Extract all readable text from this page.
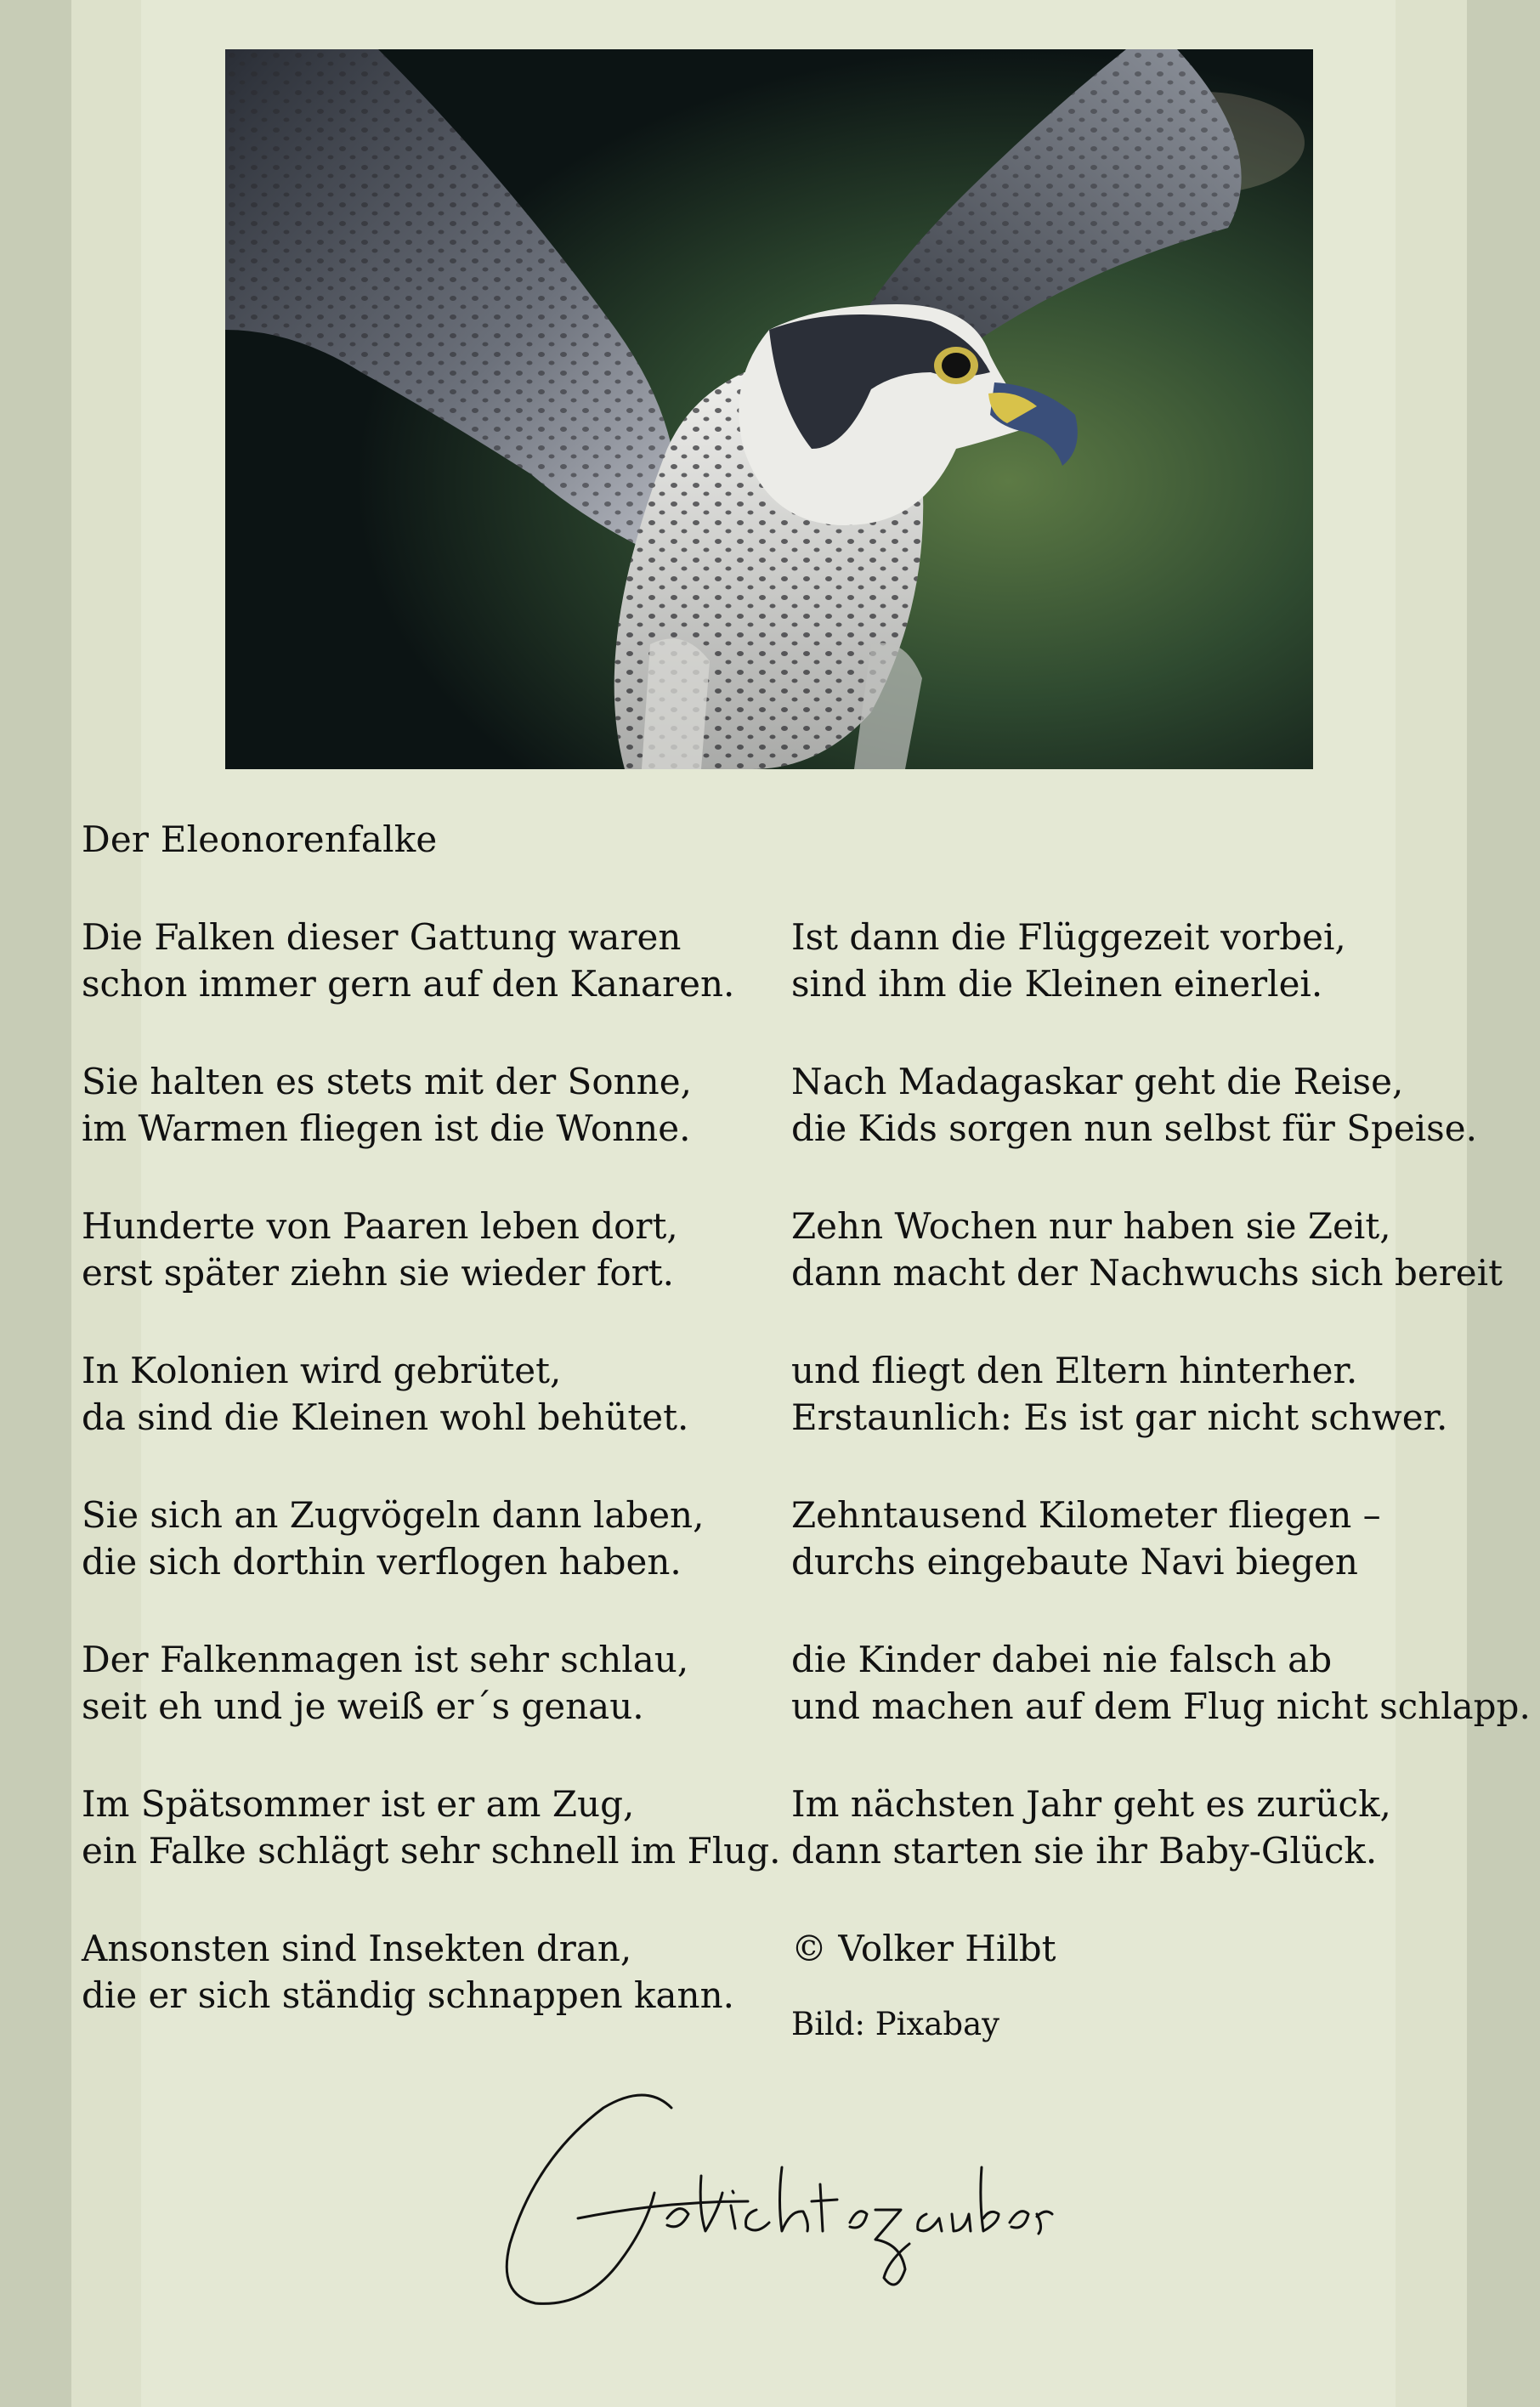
Der Eleonorenfalke
Die Falken dieser Gattung waren
schon immer gern auf den Kanaren.
Sie halten es stets mit der Sonne,
im Warmen fliegen ist die Wonne.
Hunderte von Paaren leben dort,
erst später ziehn sie wieder fort.
In Kolonien wird gebrütet,
da sind die Kleinen wohl behütet.
Sie sich an Zugvögeln dann laben,
die sich dorthin verflogen haben.
Der Falkenmagen ist sehr schlau,
seit eh und je weiß er´s genau.
Im Spätsommer ist er am Zug,
ein Falke schlägt sehr schnell im Flug.
Ansonsten sind Insekten dran,
die er sich ständig schnappen kann.
Ist dann die Flüggezeit vorbei,
sind ihm die Kleinen einerlei.
Nach Madagaskar geht die Reise,
die Kids sorgen nun selbst für Speise.
Zehn Wochen nur haben sie Zeit,
dann macht der Nachwuchs sich bereit
und fliegt den Eltern hinterher.
Erstaunlich: Es ist gar nicht schwer.
Zehntausend Kilometer fliegen –
durchs eingebaute Navi biegen
die Kinder dabei nie falsch ab
und machen auf dem Flug nicht schlapp.
Im nächsten Jahr geht es zurück,
dann starten sie ihr Baby-Glück.
© Volker Hilbt
Bild: Pixabay
